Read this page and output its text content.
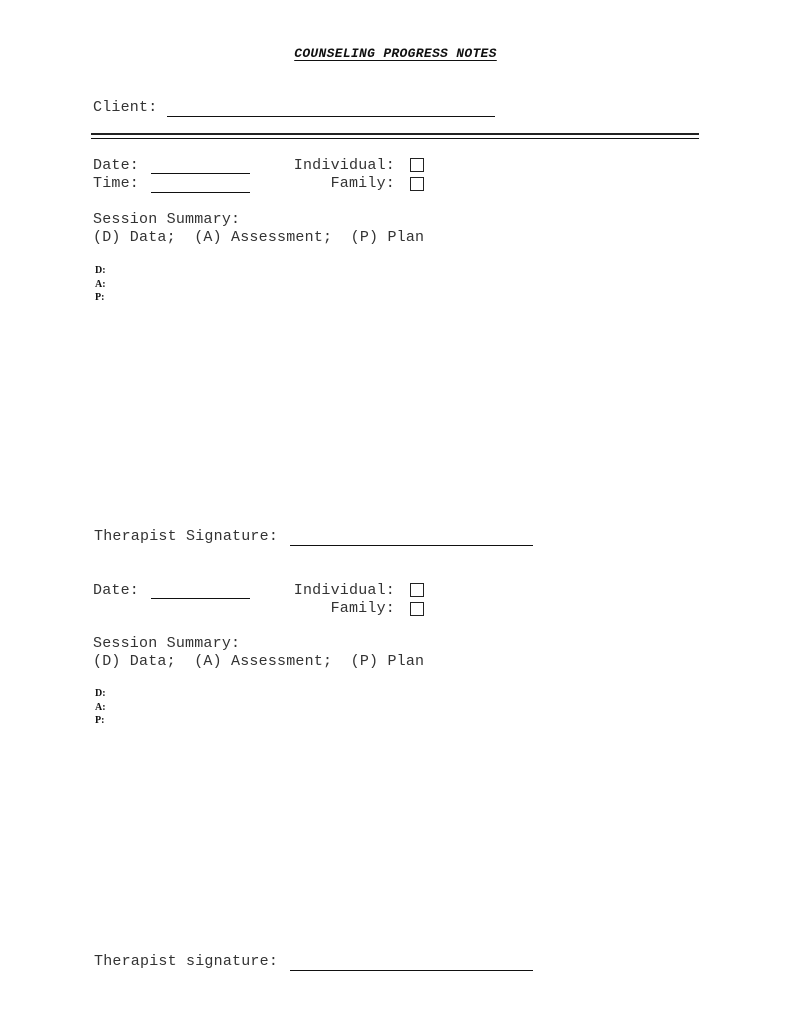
COUNSELING PROGRESS NOTES
Client:
Date:
Time:
Individual:
Family:
Session Summary:
(D) Data;  (A) Assessment;  (P) Plan
D:
A:
P:
Therapist Signature:
Date:	Individual:
Family:
Session Summary:
(D) Data;  (A) Assessment;  (P) Plan
D:
A:
P:
Therapist signature:
